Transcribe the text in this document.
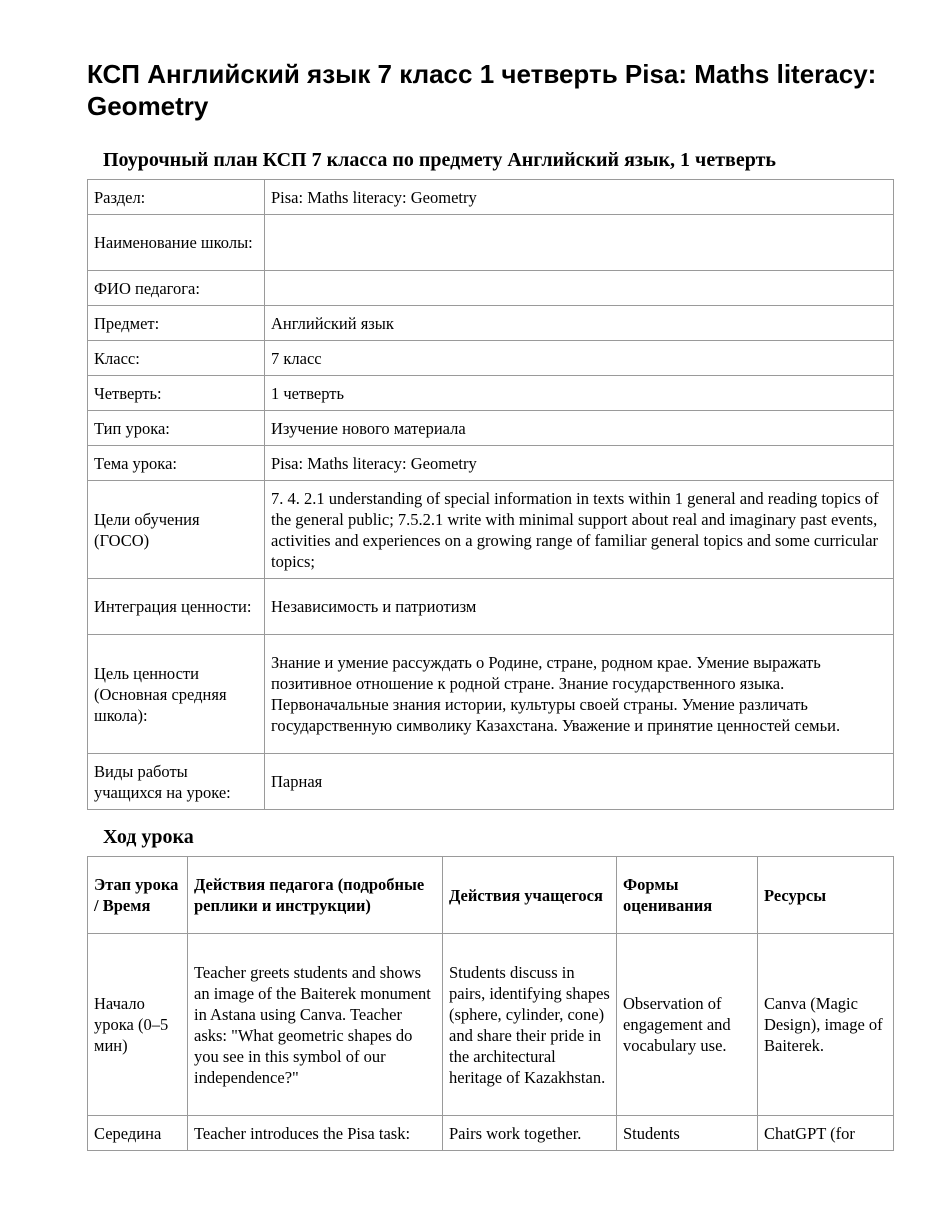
КСП Английский язык 7 класс 1 четверть Pisa: Maths literacy: Geometry
Поурочный план КСП 7 класса по предмету Английский язык, 1 четверть
Раздел:	Pisa: Maths literacy: Geometry
Наименование школы:	
ФИО педагога:	
Предмет:	Английский язык
Класс:	7 класс
Четверть:	1 четверть
Тип урока:	Изучение нового материала
Тема урока:	Pisa: Maths literacy: Geometry
Цели обучения (ГОСО)	7. 4. 2.1 understanding of special information in texts within 1 general and reading topics of the general public; 7.5.2.1 write with minimal support about real and imaginary past events, activities and experiences on a growing range of familiar general topics and some curricular topics;
Интеграция ценности:	Независимость и патриотизм
Цель ценности (Основная средняя школа):	Знание и умение рассуждать о Родине, стране, родном крае. Умение выражать позитивное отношение к родной стране. Знание государственного языка. Первоначальные знания истории, культуры своей страны. Умение различать государственную символику Казахстана. Уважение и принятие ценностей семьи.
Виды работы учащихся на уроке:	Парная
Ход урока
Этап урока / Время	Действия педагога (подробные реплики и инструкции)	Действия учащегося	Формы оценивания	Ресурсы
Начало урока (0–5 мин)	Teacher greets students and shows an image of the Baiterek monument in Astana using Canva. Teacher asks: "What geometric shapes do you see in this symbol of our independence?"	Students discuss in pairs, identifying shapes (sphere, cylinder, cone) and share their pride in the architectural heritage of Kazakhstan.	Observation of engagement and vocabulary use.	Canva (Magic Design), image of Baiterek.
Середина	Teacher introduces the Pisa task:	Pairs work together.	Students	ChatGPT (for
